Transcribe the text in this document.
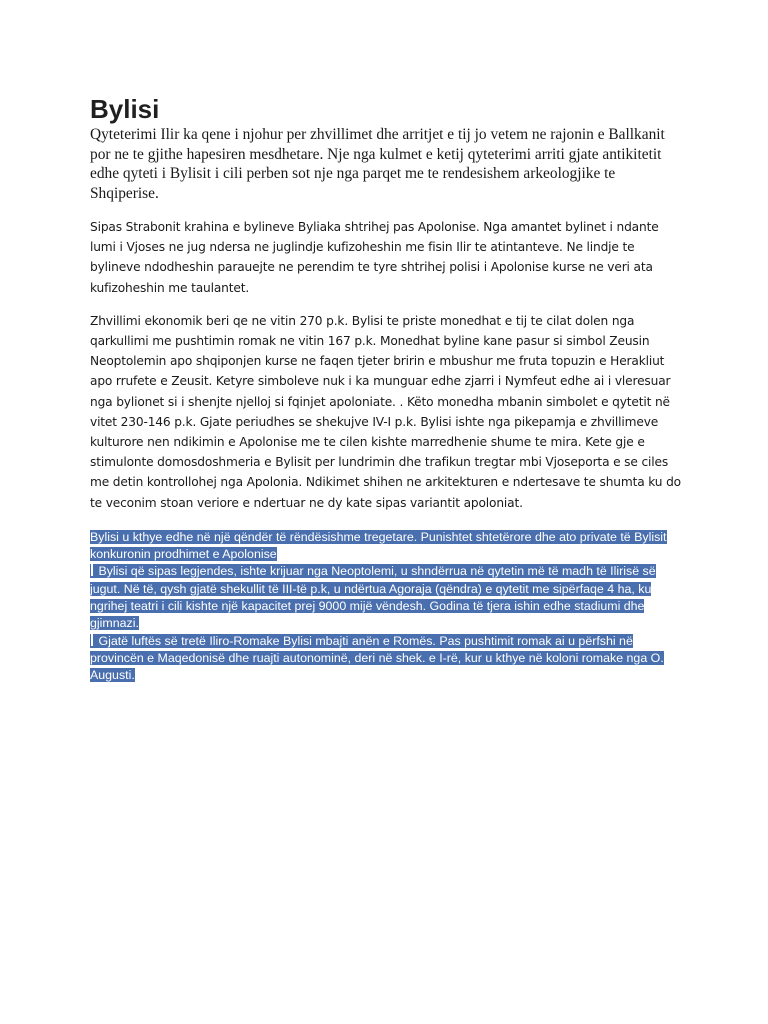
Bylisi

Qyteterimi Ilir ka qene i njohur per zhvillimet dhe arritjet e tij jo vetem ne rajonin e Ballkanit por ne te gjithe hapesiren mesdhetare. Nje nga kulmet e ketij qyteterimi arriti gjate antikitetit edhe qyteti i Bylisit i cili perben sot nje nga parqet me te rendesishem arkeologjike te Shqiperise.

Sipas Strabonit krahina e bylineve Byliaka shtrihej pas Apolonise. Nga amantet bylinet i ndante lumi i Vjoses ne jug ndersa ne juglindje kufizoheshin me fisin Ilir te atintanteve. Ne lindje te bylineve ndodheshin parauejte ne perendim te tyre shtrihej polisi i Apolonise kurse ne veri ata kufizoheshin me taulantet.

Zhvillimi ekonomik beri qe ne vitin 270 p.k. Bylisi te priste monedhat e tij te cilat dolen nga qarkullimi me pushtimin romak ne vitin 167 p.k. Monedhat byline kane pasur si simbol Zeusin Neoptolemin apo shqiponjen kurse ne faqen tjeter bririn e mbushur me fruta topuzin e Herakliut apo rrufete e Zeusit. Ketyre simboleve nuk i ka munguar edhe zjarri i Nymfeut edhe ai i vleresuar nga bylionet si i shenjte njelloj si fqinjet apoloniate. . Këto monedha mbanin simbolet e qytetit në vitet 230-146 p.k. Gjate periudhes se shekujve IV-I p.k. Bylisi ishte nga pikepamja e zhvillimeve kulturore nen ndikimin e Apolonise me te cilen kishte marredhenie shume te mira. Kete gje e stimulonte domosdoshmeria e Bylisit per lundrimin dhe trafikun tregtar mbi Vjoseporta e se ciles me detin kontrollohej nga Apolonia. Ndikimet shihen ne arkitekturen e ndertesave te shumta ku do te veconim stoan veriore e ndertuar ne dy kate sipas variantit apoloniat.

Bylisi u kthye edhe në një qëndër të rëndësishme tregetare. Punishtet shtetërore dhe ato private të Bylisit konkuronin prodhimet e Apolonise
Bylisi që sipas legjendes, ishte krijuar nga Neoptolemi, u shndërrua në qytetin më të madh të Ilirisë së jugut. Në të, qysh gjatë shekullit të III-të p.k, u ndërtua Agoraja (qëndra) e qytetit me sipërfaqe 4 ha, ku ngrihej teatri i cili kishte një kapacitet prej 9000 mijë vëndesh. Godina të tjera ishin edhe stadiumi dhe gjimnazi.
Gjatë luftës së tretë Iliro-Romake Bylisi mbajti anën e Romës. Pas pushtimit romak ai u përfshi në provincën e Maqedonisë dhe ruajti autonominë, deri në shek. e I-rë, kur u kthye në koloni romake nga O. Augusti.
